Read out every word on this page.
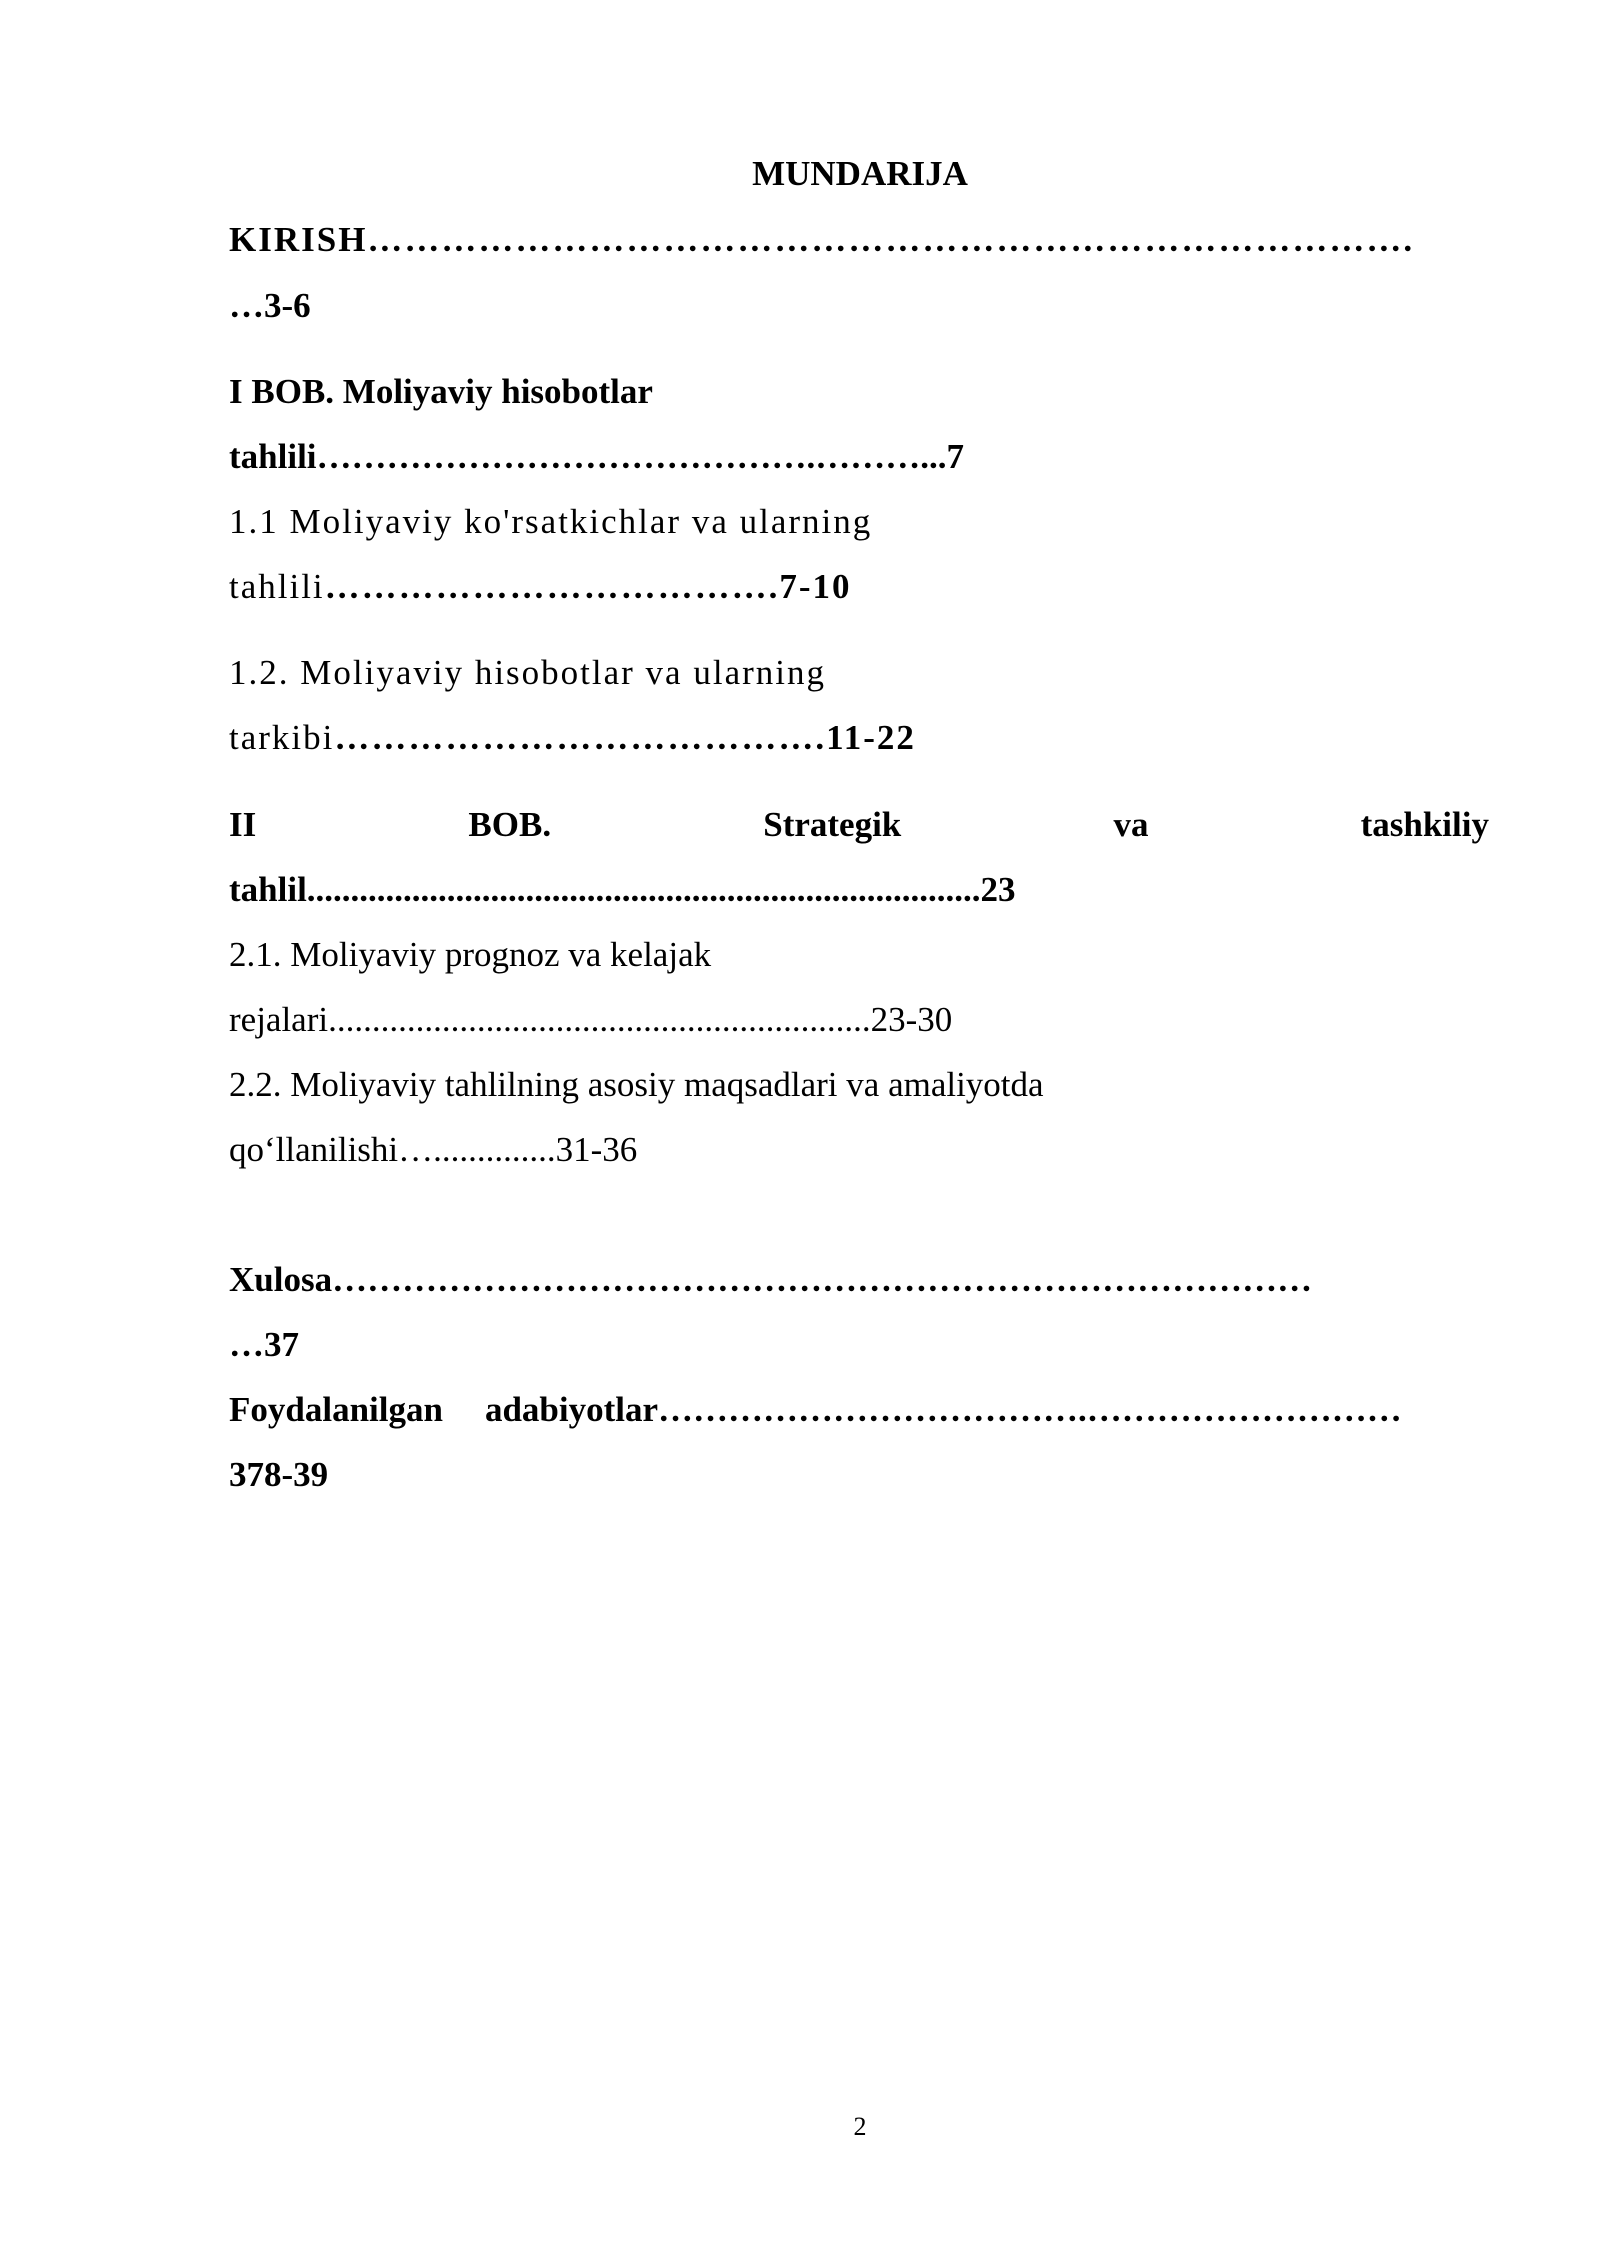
MUNDARIJA
KIRISH………………………………………………………………………….
…3-6
I BOB. Moliyaviy hisobotlar
tahlili…………………………………….………...7
1.1 Moliyaviy ko'rsatkichlar va ularning
tahlili……………………………….7-10
1.2. Moliyaviy hisobotlar va ularning
tarkibi………………………………….11-22
II	BOB.	Strategik	va	tashkiliy
tahlil.............................................................................23
2.1. Moliyaviy prognoz va kelajak
rejalari..............................................................23-30
2.2. Moliyaviy tahlilning asosiy maqsadlari va amaliyotda
qo‘llanilishi…..............31-36
Xulosa…………………………………………………………………………
…37
Foydalanilgan adabiyotlar……………………………….………………………
378-39
2
